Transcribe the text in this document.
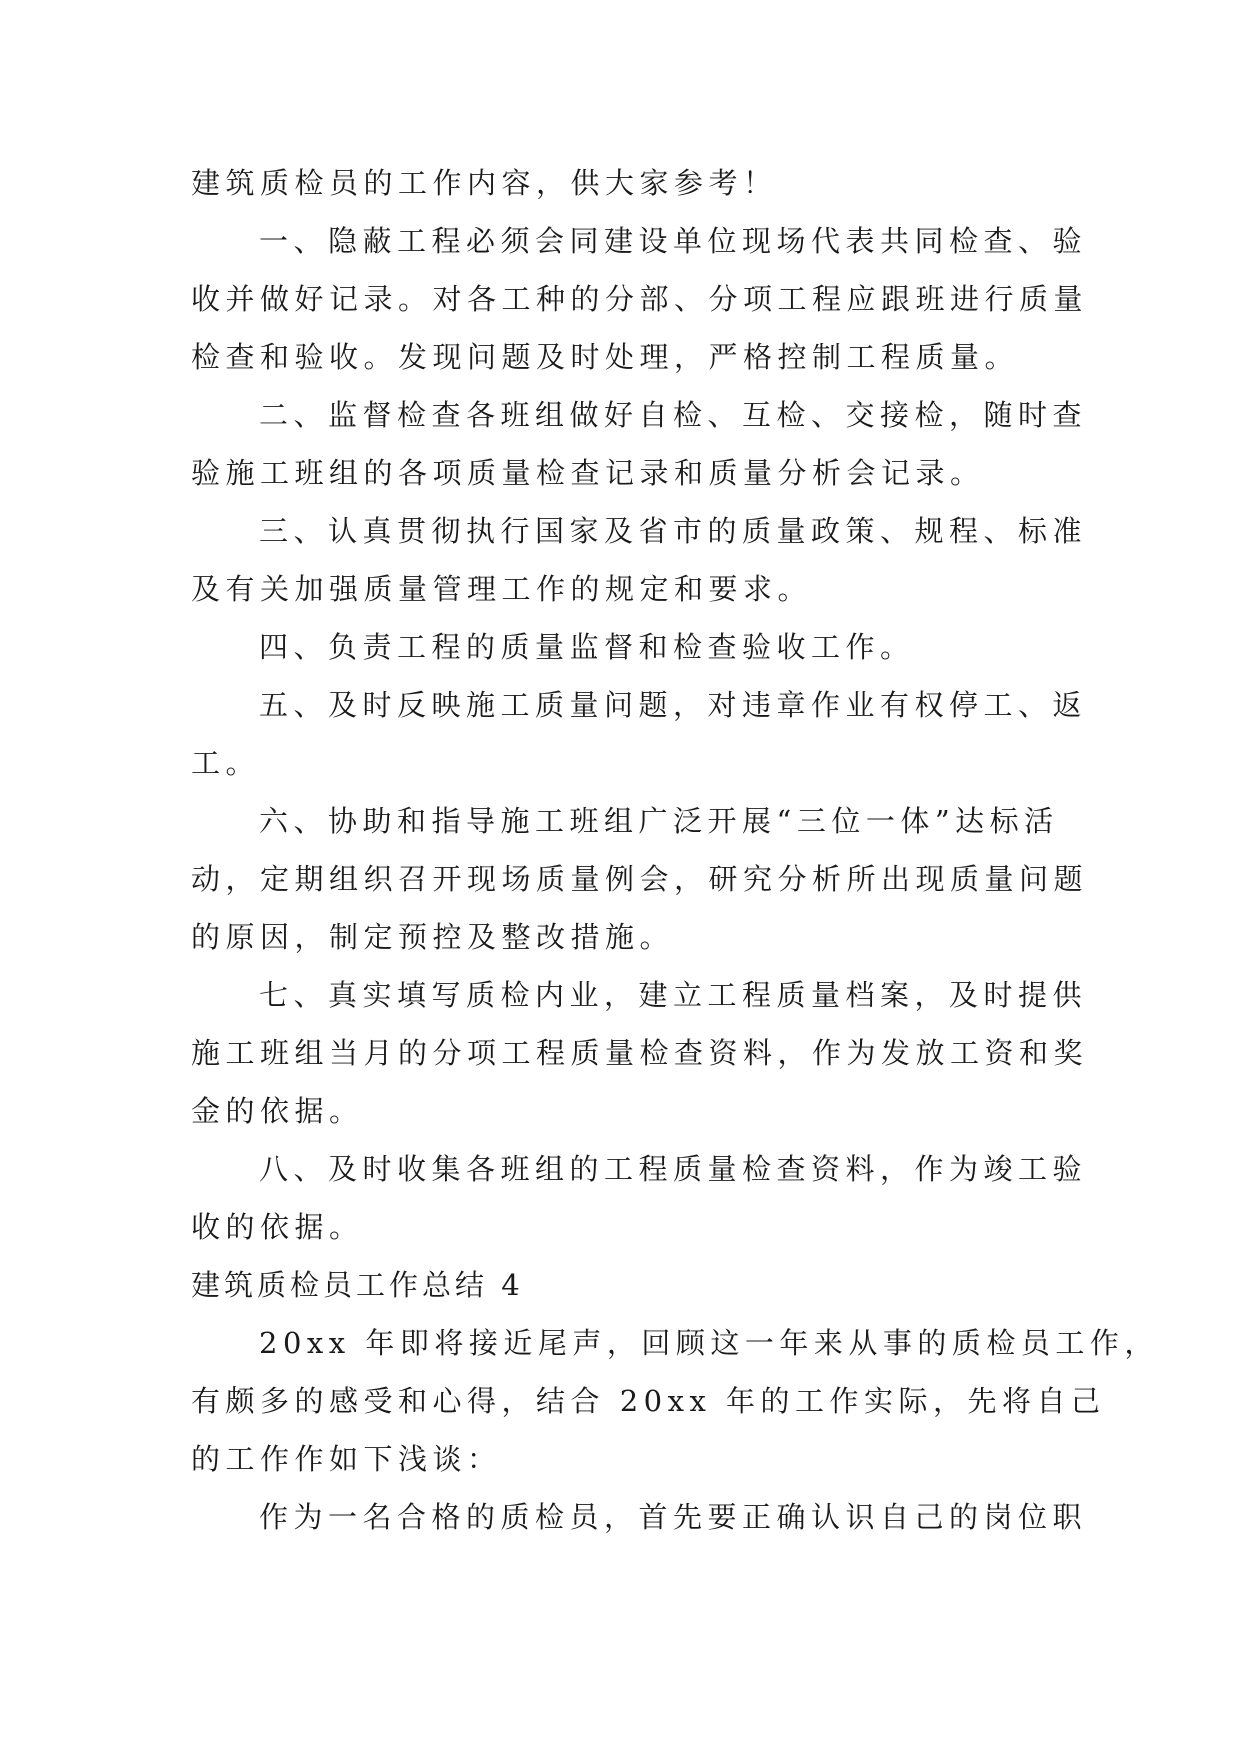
建筑质检员的工作内容，供大家参考！
一、隐蔽工程必须会同建设单位现场代表共同检查、验
收并做好记录。对各工种的分部、分项工程应跟班进行质量
检查和验收。发现问题及时处理，严格控制工程质量。
二、监督检查各班组做好自检、互检、交接检，随时查
验施工班组的各项质量检查记录和质量分析会记录。
三、认真贯彻执行国家及省市的质量政策、规程、标准
及有关加强质量管理工作的规定和要求。
四、负责工程的质量监督和检查验收工作。
五、及时反映施工质量问题，对违章作业有权停工、返
工。
六、协助和指导施工班组广泛开展“三位一体”达标活
动，定期组织召开现场质量例会，研究分析所出现质量问题
的原因，制定预控及整改措施。
七、真实填写质检内业，建立工程质量档案，及时提供
施工班组当月的分项工程质量检查资料，作为发放工资和奖
金的依据。
八、及时收集各班组的工程质量检查资料，作为竣工验
收的依据。
建筑质检员工作总结 4
20xx 年即将接近尾声，回顾这一年来从事的质检员工作，
有颇多的感受和心得，结合 20xx 年的工作实际，先将自己
的工作作如下浅谈：
作为一名合格的质检员，首先要正确认识自己的岗位职
